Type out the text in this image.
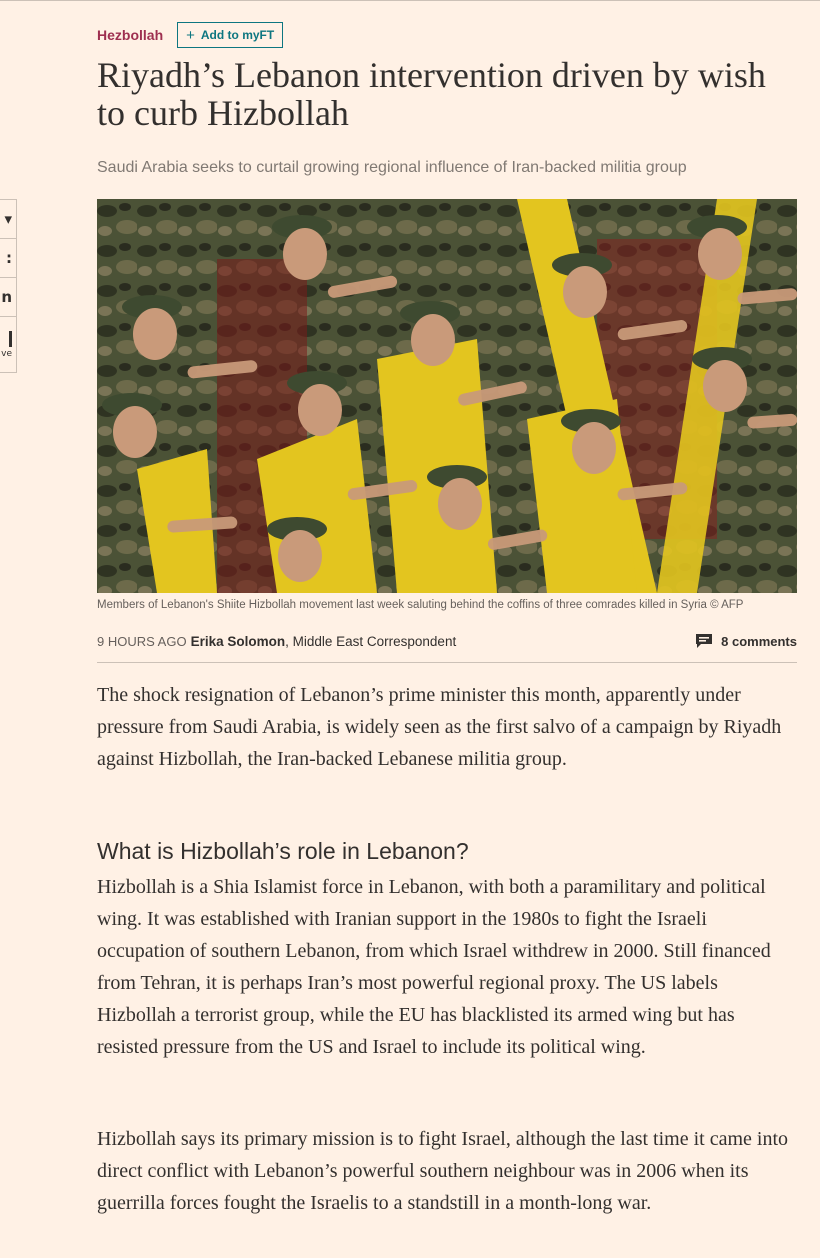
▾
:
n
ve
Hezbollah + Add to myFT
Riyadh’s Lebanon intervention driven by wish to curb Hizbollah

Saudi Arabia seeks to curtail growing regional influence of Iran-backed militia group

Members of Lebanon's Shiite Hizbollah movement last week saluting behind the coffins of three comrades killed in Syria © AFP
9 HOURS AGO Erika Solomon , Middle East Correspondent	8 comments

The shock resignation of Lebanon’s prime minister this month, apparently under pressure from Saudi Arabia, is widely seen as the first salvo of a campaign by Riyadh against Hizbollah, the Iran-backed Lebanese militia group.

What is Hizbollah’s role in Lebanon?

Hizbollah is a Shia Islamist force in Lebanon, with both a paramilitary and political wing. It was established with Iranian support in the 1980s to fight the Israeli occupation of southern Lebanon, from which Israel withdrew in 2000. Still financed from Tehran, it is perhaps Iran’s most powerful regional proxy. The US labels Hizbollah a terrorist group, while the EU has blacklisted its armed wing but has resisted pressure from the US and Israel to include its political wing.

Hizbollah says its primary mission is to fight Israel, although the last time it came into direct conflict with Lebanon’s powerful southern neighbour was in 2006 when its guerrilla forces fought the Israelis to a standstill in a month-long war.
